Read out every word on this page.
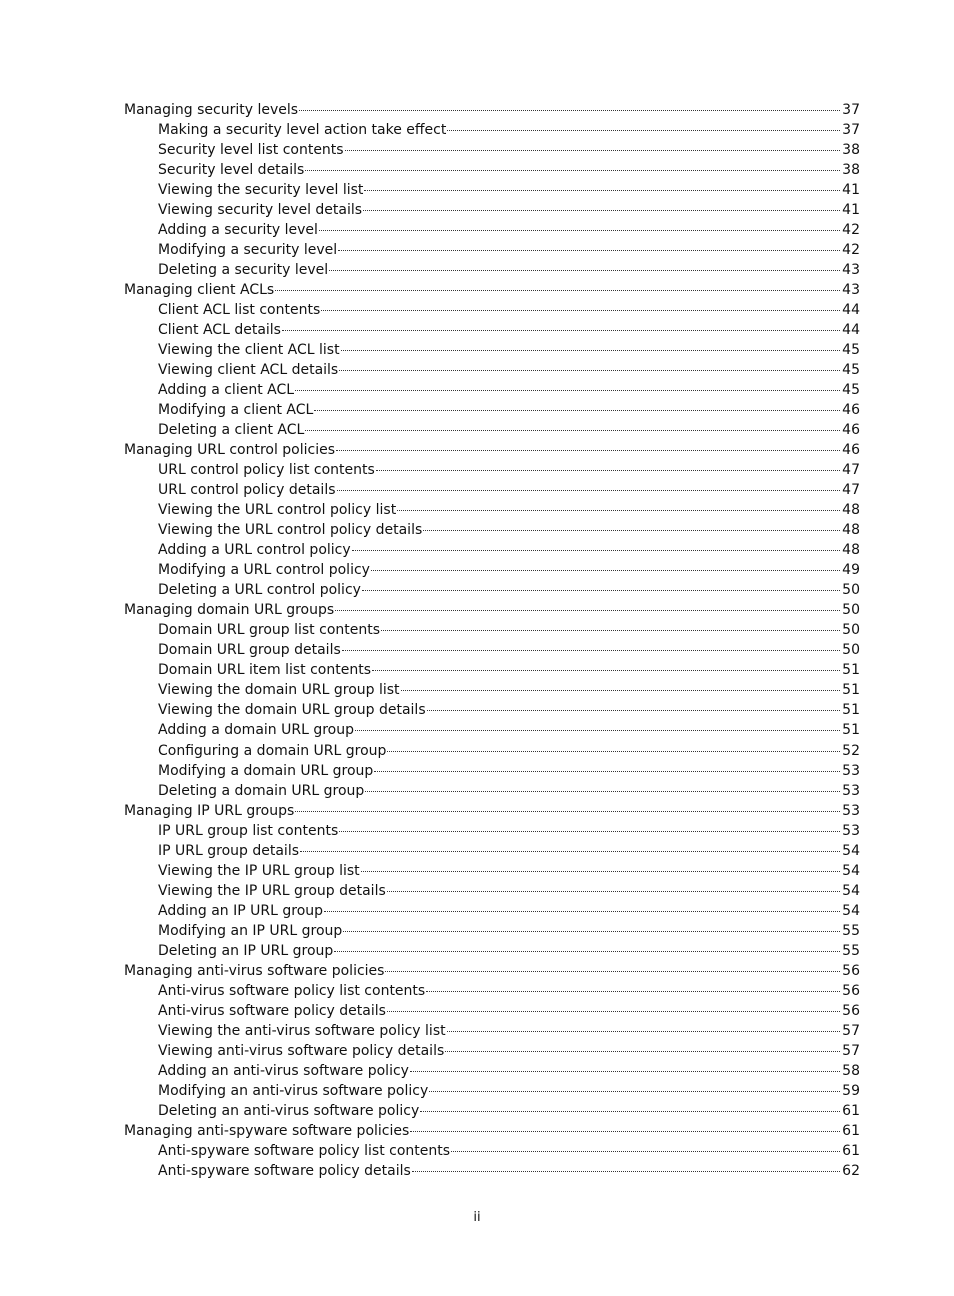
Managing security levels	37
Making a security level action take effect	37
Security level list contents	38
Security level details	38
Viewing the security level list	41
Viewing security level details	41
Adding a security level	42
Modifying a security level	42
Deleting a security level	43
Managing client ACLs	43
Client ACL list contents	44
Client ACL details	44
Viewing the client ACL list	45
Viewing client ACL details	45
Adding a client ACL	45
Modifying a client ACL	46
Deleting a client ACL	46
Managing URL control policies	46
URL control policy list contents	47
URL control policy details	47
Viewing the URL control policy list	48
Viewing the URL control policy details	48
Adding a URL control policy	48
Modifying a URL control policy	49
Deleting a URL control policy	50
Managing domain URL groups	50
Domain URL group list contents	50
Domain URL group details	50
Domain URL item list contents	51
Viewing the domain URL group list	51
Viewing the domain URL group details	51
Adding a domain URL group	51
Configuring a domain URL group	52
Modifying a domain URL group	53
Deleting a domain URL group	53
Managing IP URL groups	53
IP URL group list contents	53
IP URL group details	54
Viewing the IP URL group list	54
Viewing the IP URL group details	54
Adding an IP URL group	54
Modifying an IP URL group	55
Deleting an IP URL group	55
Managing anti-virus software policies	56
Anti-virus software policy list contents	56
Anti-virus software policy details	56
Viewing the anti-virus software policy list	57
Viewing anti-virus software policy details	57
Adding an anti-virus software policy	58
Modifying an anti-virus software policy	59
Deleting an anti-virus software policy	61
Managing anti-spyware software policies	61
Anti-spyware software policy list contents	61
Anti-spyware software policy details	62
ii
